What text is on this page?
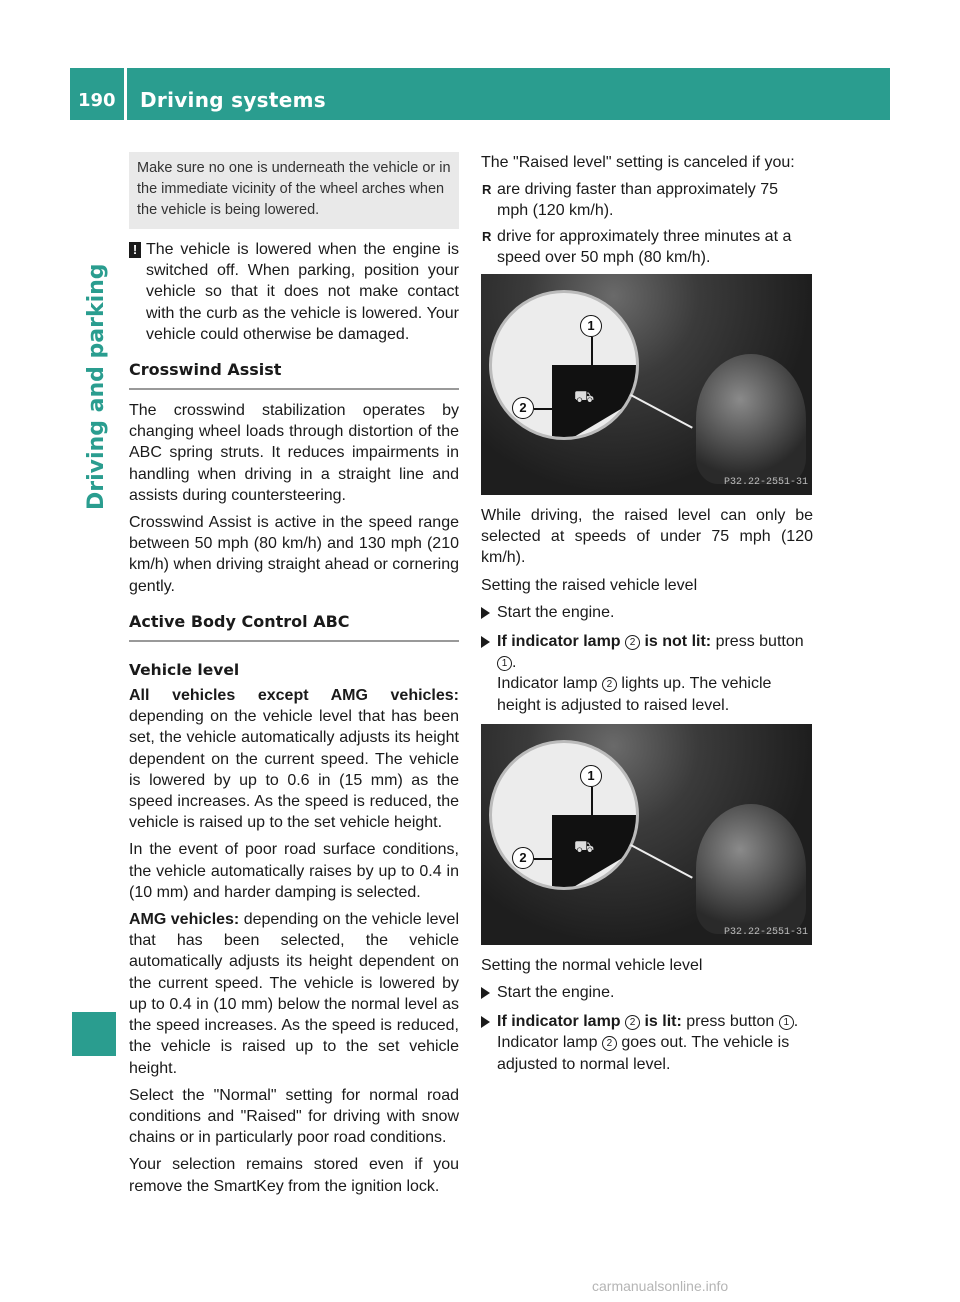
190 Driving systems
Driving and parking
Make sure no one is underneath the vehicle or in the immediate vicinity of the wheel arches when the vehicle is being lowered.
! The vehicle is lowered when the engine is switched off. When parking, position your vehicle so that it does not make contact with the curb as the vehicle is lowered. Your vehicle could otherwise be damaged.
Crosswind Assist

The crosswind stabilization operates by changing wheel loads through distortion of the ABC spring struts. It reduces impairments in handling when driving in a straight line and assists during countersteering.

Crosswind Assist is active in the speed range between 50 mph (80 km/h) and 130 mph (210 km/h) when driving straight ahead or cornering gently.

Active Body Control ABC
Vehicle level

All vehicles except AMG vehicles: depending on the vehicle level that has been set, the vehicle automatically adjusts its height dependent on the current speed. The vehicle is lowered by up to 0.6 in (15 mm) as the speed increases. As the speed is reduced, the vehicle is raised up to the set vehicle height.

In the event of poor road surface conditions, the vehicle automatically raises by up to 0.4 in (10 mm) and harder damping is selected.

AMG vehicles: depending on the vehicle level that has been selected, the vehicle automatically adjusts its height dependent on the current speed. The vehicle is lowered by up to 0.4 in (10 mm) below the normal level as the speed increases. As the speed is reduced, the vehicle is raised up to the set vehicle height.

Select the "Normal" setting for normal road conditions and "Raised" for driving with snow chains or in particularly poor road conditions.

Your selection remains stored even if you remove the SmartKey from the ignition lock.

The "Raised level" setting is canceled if you:

R are driving faster than approximately 75 mph (120 km/h).
R drive for approximately three minutes at a speed over 50 mph (80 km/h).
⛟
1
2
P32.22-2551-31

While driving, the raised level can only be selected at speeds of under 75 mph (120 km/h).

Setting the raised vehicle level

Start the engine.
If indicator lamp 2 is not lit: press button 1 .
Indicator lamp 2 lights up. The vehicle height is adjusted to raised level.
⛟
1
2
P32.22-2551-31

Setting the normal vehicle level

Start the engine.
If indicator lamp 2 is lit: press button 1 .
Indicator lamp 2 goes out. The vehicle is adjusted to normal level.
carmanualsonline.info
